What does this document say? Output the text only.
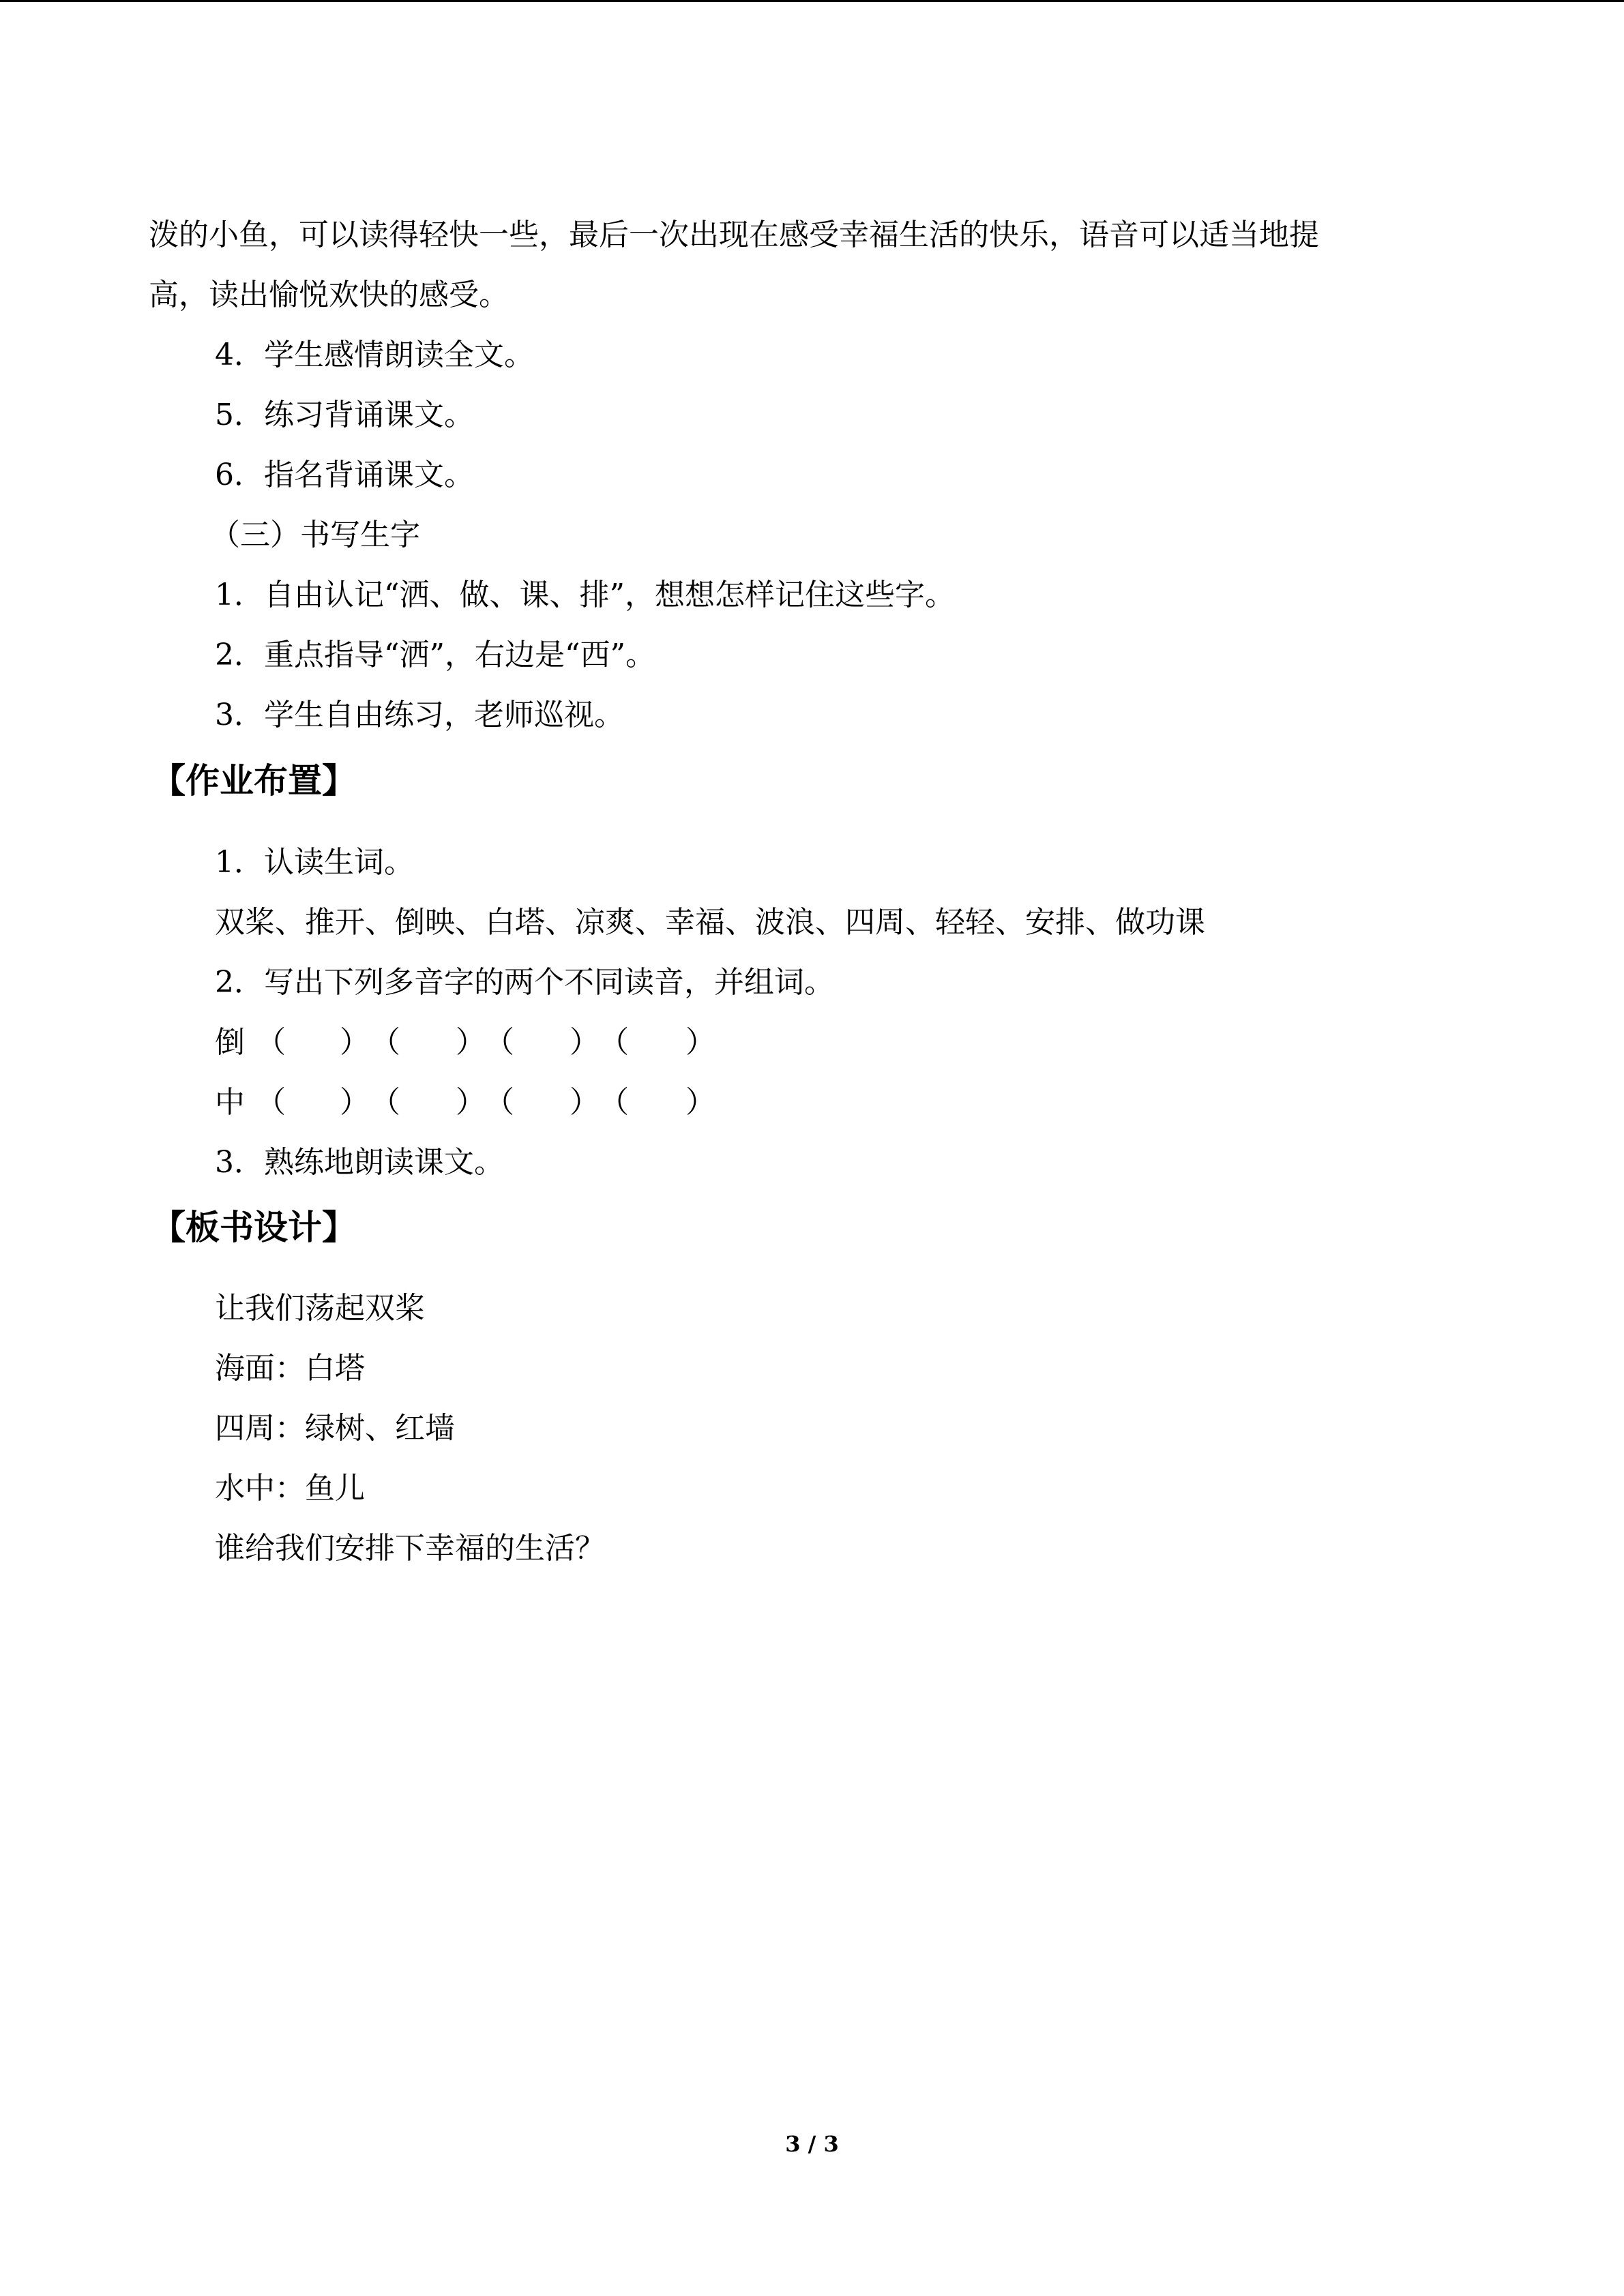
泼的小鱼，可以读得轻快一些，最后一次出现在感受幸福生活的快乐，语音可以适当地提
高，读出愉悦欢快的感受。
4．学生感情朗读全文。
5．练习背诵课文。
6．指名背诵课文。
（三）书写生字
1．自由认记“洒、做、课、排”，想想怎样记住这些字。
2．重点指导“洒”，右边是“西”。
3．学生自由练习，老师巡视。
【作业布置】
1．认读生词。
双桨、推开、倒映、白塔、凉爽、幸福、波浪、四周、轻轻、安排、做功课
2．写出下列多音字的两个不同读音，并组词。
倒 （ ） （ ）
（ ） （ ）
中 （ ） （ ）
（ ） （ ）
3．熟练地朗读课文。
【板书设计】
让我们荡起双桨
海面：白塔
四周：绿树、红墙
水中：鱼儿
谁给我们安排下幸福的生活？
3 / 3
